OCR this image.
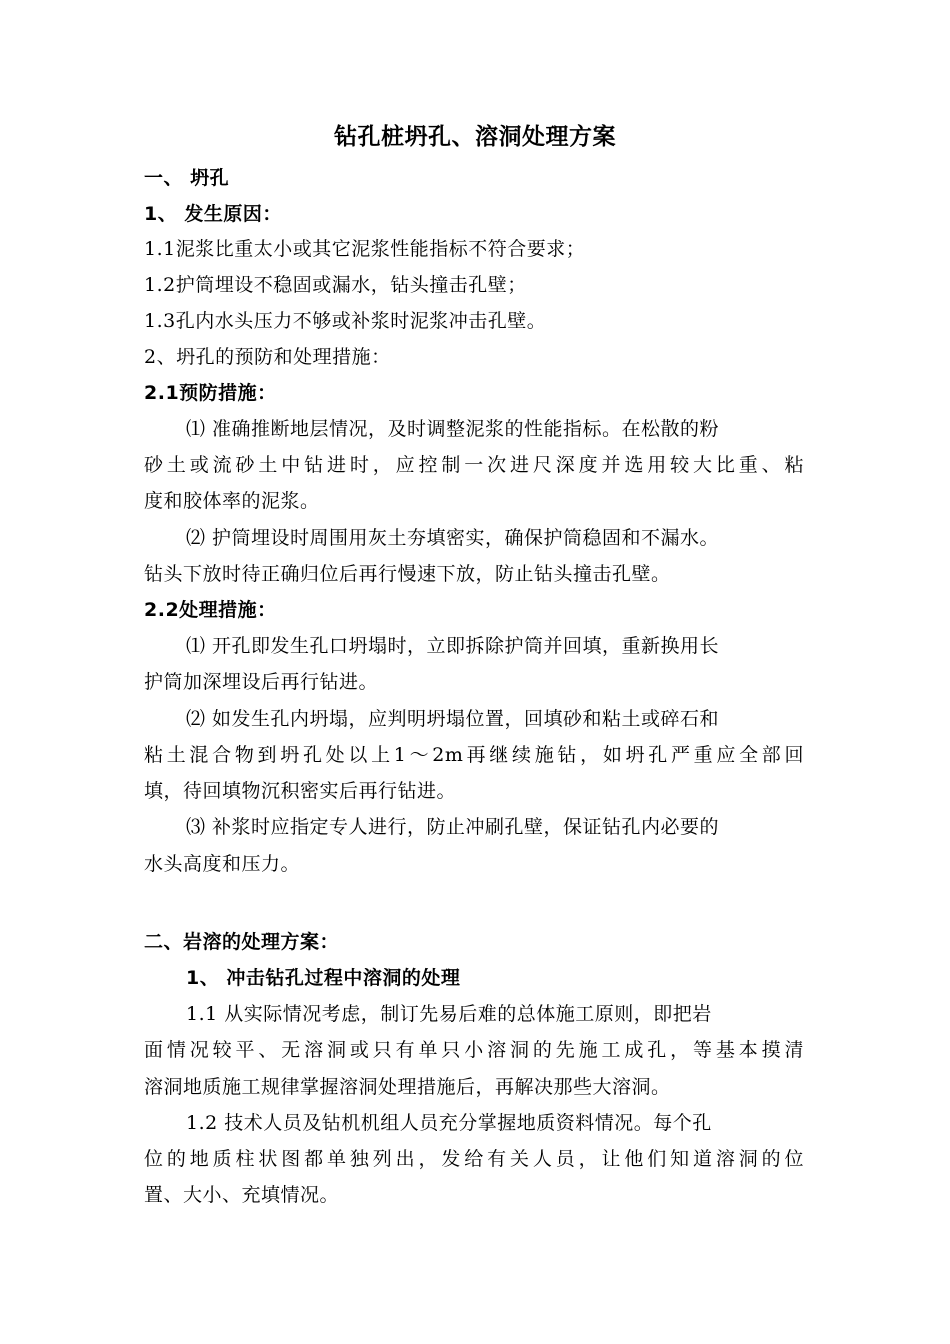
钻孔桩坍孔、溶洞处理方案
一、 坍孔
1、 发生原因：
1.1泥浆比重太小或其它泥浆性能指标不符合要求；
1.2护筒埋设不稳固或漏水，钻头撞击孔壁；
1.3孔内水头压力不够或补浆时泥浆冲击孔壁。
2、坍孔的预防和处理措施：
2.1预防措施：
⑴ 准确推断地层情况，及时调整泥浆的性能指标。在松散的粉
砂土或流砂土中钻进时，应控制一次进尺深度并选用较大比重、粘
度和胶体率的泥浆。
⑵ 护筒埋设时周围用灰土夯填密实，确保护筒稳固和不漏水。
钻头下放时待正确归位后再行慢速下放，防止钻头撞击孔壁。
2.2处理措施：
⑴ 开孔即发生孔口坍塌时，立即拆除护筒并回填，重新换用长
护筒加深埋设后再行钻进。
⑵ 如发生孔内坍塌，应判明坍塌位置，回填砂和粘土或碎石和
粘土混合物到坍孔处以上1～2m再继续施钻，如坍孔严重应全部回
填，待回填物沉积密实后再行钻进。
⑶ 补浆时应指定专人进行，防止冲刷孔壁，保证钻孔内必要的
水头高度和压力。
二、岩溶的处理方案：
1、 冲击钻孔过程中溶洞的处理
1.1 从实际情况考虑，制订先易后难的总体施工原则，即把岩
面情况较平、无溶洞或只有单只小溶洞的先施工成孔，等基本摸清
溶洞地质施工规律掌握溶洞处理措施后，再解决那些大溶洞。
1.2 技术人员及钻机机组人员充分掌握地质资料情况。每个孔
位的地质柱状图都单独列出，发给有关人员，让他们知道溶洞的位
置、大小、充填情况。
